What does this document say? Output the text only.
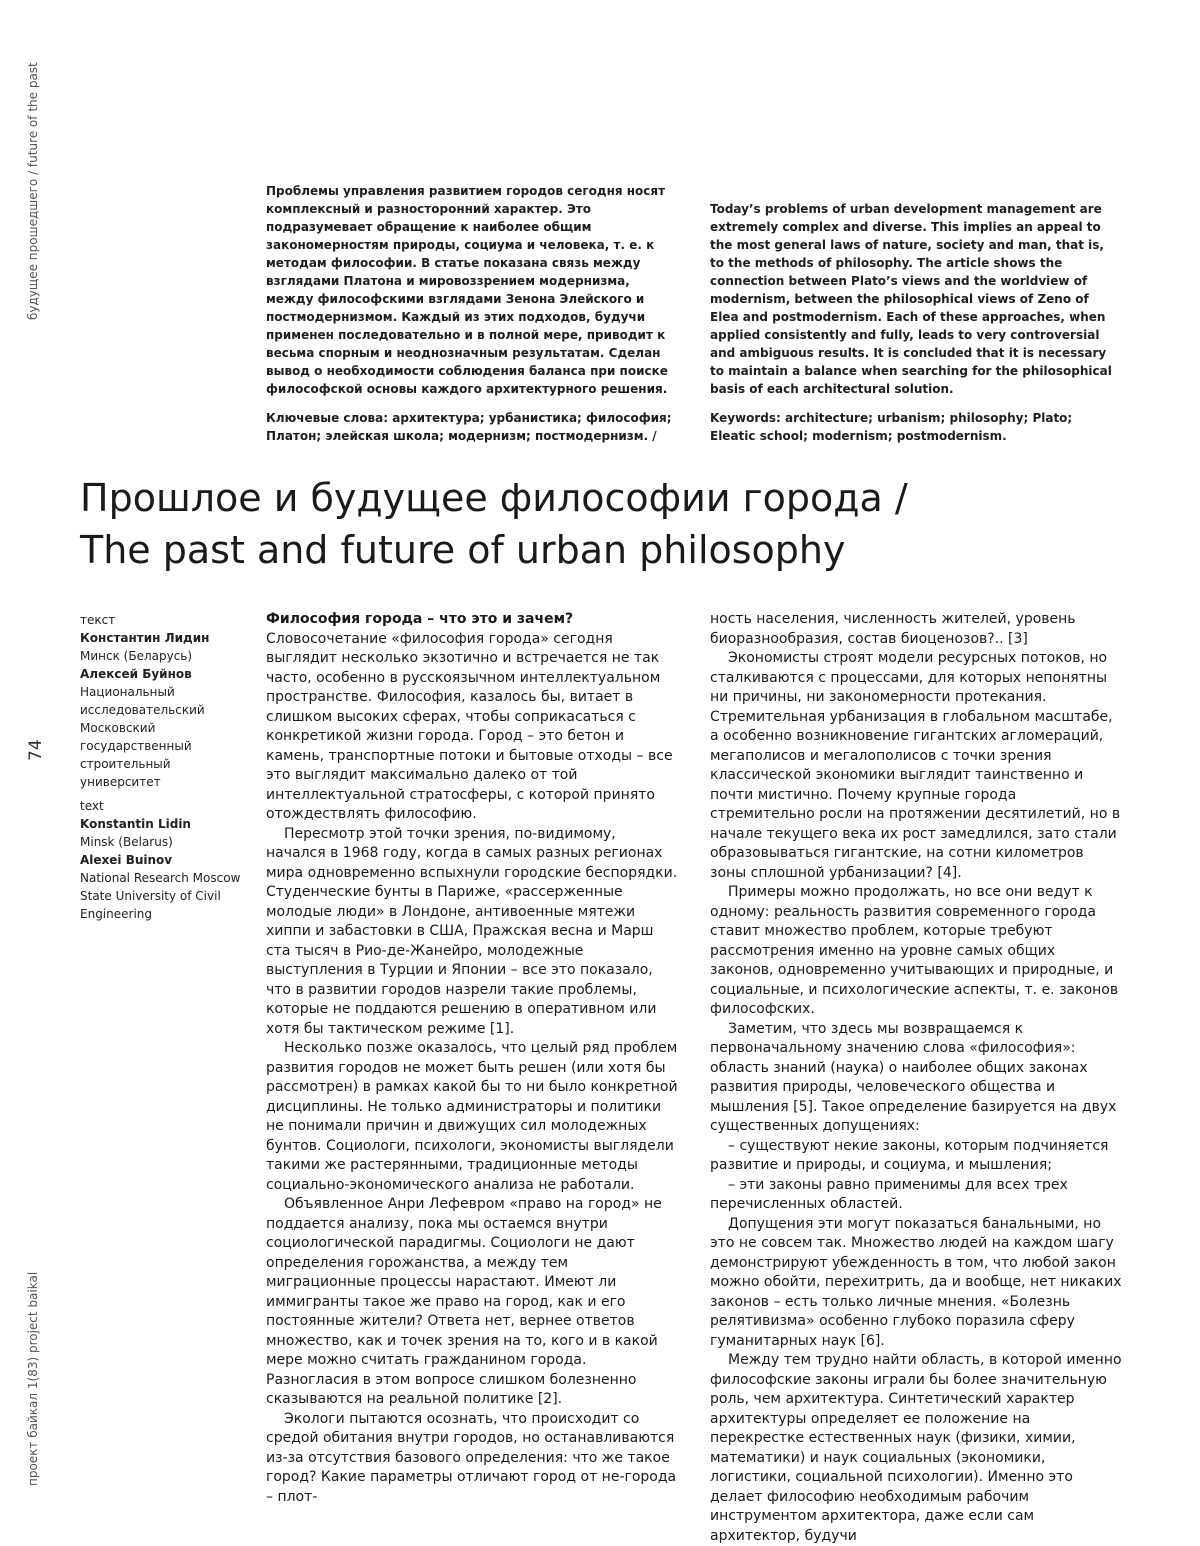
будущее прошедшего / future of the past
74
проект байкал 1(83) project baikal

Проблемы управления развитием городов сегодня носят комплексный и разносторонний характер. Это подразумевает обращение к наиболее общим закономерностям природы, социума и человека, т. е. к методам философии. В статье показана связь между взглядами Платона и мировоззрением модернизма, между философскими взглядами Зенона Элейского и постмодернизмом. Каждый из этих подходов, будучи применен последовательно и в полной мере, приводит к весьма спорным и неоднозначным результатам. Сделан вывод о необходимости соблюдения баланса при поиске философской основы каждого архитектурного решения.

Ключевые слова: архитектура; урбанистика; философия; Платон; элейская школа; модернизм; постмодернизм. /

Today’s problems of urban development management are extremely complex and diverse. This implies an appeal to the most general laws of nature, society and man, that is, to the methods of philosophy. The article shows the connection between Plato’s views and the worldview of modernism, between the philosophical views of Zeno of Elea and postmodernism. Each of these approaches, when applied consistently and fully, leads to very controversial and ambiguous results. It is concluded that it is necessary to maintain a balance when searching for the philosophical basis of each architectural solution.

Keywords: architecture; urbanism; philosophy; Plato; Eleatic school; modernism; postmodernism.

Прошлое и будущее философии города /
The past and future of urban philosophy
текст
Константин Лидин
Минск (Беларусь)
Алексей Буйнов
Национальный исследовательский Московский государственный строительный университет
text
Konstantin Lidin
Minsk (Belarus)
Alexei Buinov
National Research Moscow State University of Civil Engineering
Философия города – что это и зачем?

Словосочетание «философия города» сегодня выглядит несколько экзотично и встречается не так часто, особенно в русскоязычном интеллектуальном пространстве. Философия, казалось бы, витает в слишком высоких сферах, чтобы соприкасаться с конкретикой жизни города. Город – это бетон и камень, транспортные потоки и бытовые отходы – все это выглядит максимально далеко от той интеллектуальной стратосферы, с которой принято отождествлять философию.

Пересмотр этой точки зрения, по-видимому, начался в 1968 году, когда в самых разных регионах мира одновременно вспыхнули городские беспорядки. Студенческие бунты в Париже, «рассерженные молодые люди» в Лондоне, антивоенные мятежи хиппи и забастовки в США, Пражская весна и Марш ста тысяч в Рио-де-Жанейро, молодежные выступления в Турции и Японии – все это показало, что в развитии городов назрели такие проблемы, которые не поддаются решению в оперативном или хотя бы тактическом режиме [1].

Несколько позже оказалось, что целый ряд проблем развития городов не может быть решен (или хотя бы рассмотрен) в рамках какой бы то ни было конкретной дисциплины. Не только администраторы и политики не понимали причин и движущих сил молодежных бунтов. Социологи, психологи, экономисты выглядели такими же растерянными, традиционные методы социально-экономического анализа не работали.

Объявленное Анри Лефевром «право на город» не поддается анализу, пока мы остаемся внутри социологической парадигмы. Социологи не дают определения горожанства, а между тем миграционные процессы нарастают. Имеют ли иммигранты такое же право на город, как и его постоянные жители? Ответа нет, вернее ответов множество, как и точек зрения на то, кого и в какой мере можно считать гражданином города. Разногласия в этом вопросе слишком болезненно сказываются на реальной политике [2].

Экологи пытаются осознать, что происходит со средой обитания внутри городов, но останавливаются из-за отсутствия базового определения: что же такое город? Какие параметры отличают город от не-города – плот-

ность населения, численность жителей, уровень биоразнообразия, состав биоценозов?.. [3]

Экономисты строят модели ресурсных потоков, но сталкиваются с процессами, для которых непонятны ни причины, ни закономерности протекания. Стремительная урбанизация в глобальном масштабе, а особенно возникновение гигантских агломераций, мегаполисов и мегалополисов с точки зрения классической экономики выглядит таинственно и почти мистично. Почему крупные города стремительно росли на протяжении десятилетий, но в начале текущего века их рост замедлился, зато стали образовываться гигантские, на сотни километров зоны сплошной урбанизации? [4].

Примеры можно продолжать, но все они ведут к одному: реальность развития современного города ставит множество проблем, которые требуют рассмотрения именно на уровне самых общих законов, одновременно учитывающих и природные, и социальные, и психологические аспекты, т. е. законов философских.

Заметим, что здесь мы возвращаемся к первоначальному значению слова «философия»: область знаний (наука) о наиболее общих законах развития природы, человеческого общества и мышления [5]. Такое определение базируется на двух существенных допущениях:

– существуют некие законы, которым подчиняется развитие и природы, и социума, и мышления;

– эти законы равно применимы для всех трех перечисленных областей.

Допущения эти могут показаться банальными, но это не совсем так. Множество людей на каждом шагу демонстрируют убежденность в том, что любой закон можно обойти, перехитрить, да и вообще, нет никаких законов – есть только личные мнения. «Болезнь релятивизма» особенно глубоко поразила сферу гуманитарных наук [6].

Между тем трудно найти область, в которой именно философские законы играли бы более значительную роль, чем архитектура. Синтетический характер архитектуры определяет ее положение на перекрестке естественных наук (физики, химии, математики) и наук социальных (экономики, логистики, социальной психологии). Именно это делает философию необходимым рабочим инструментом архитектора, даже если сам архитектор, будучи
